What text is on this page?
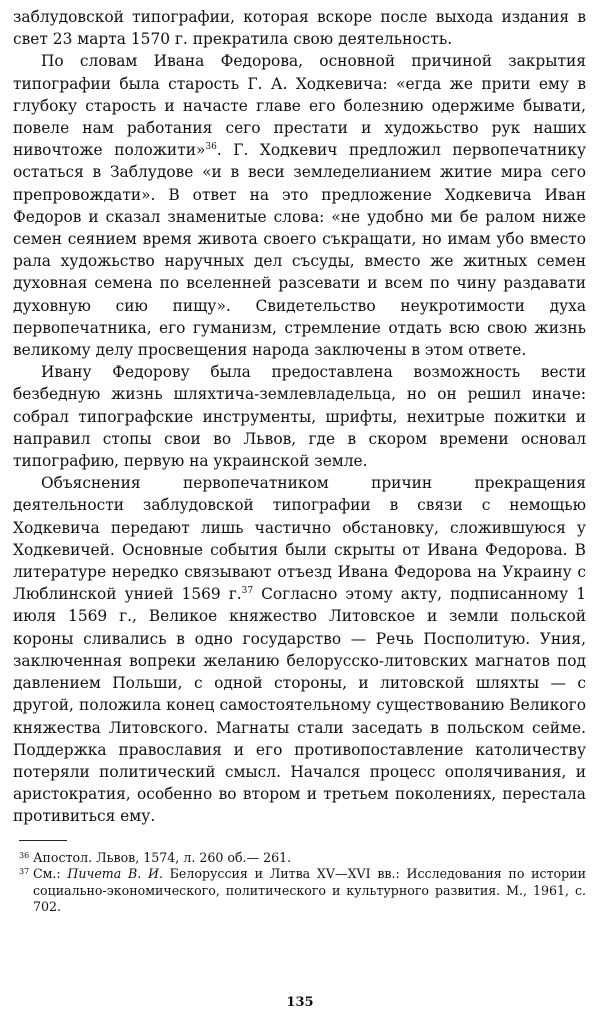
заблудовской типографии, которая вскоре после выхода издания в свет 23 марта 1570 г. прекратила свою деятельность.

По словам Ивана Федорова, основной причиной закрытия типографии была старость Г. А. Ходкевича: «егда же прити ему в глубоку старость и начасте главе его болезнию одержиме бывати, повеле нам работания сего престати и художьство рук наших нивочтоже положити»$^{36}$. Г. Ходкевич предложил первопечатнику остаться в Заблудове «и в веси земледелианием житие мира сего препровождати». В ответ на это предложение Ходкевича Иван Федоров и сказал знаменитые слова: «не удобно ми бе ралом ниже семен сеянием время живота своего съкращати, но имам убо вместо рала художьство наручных дел съсуды, вместо же житных семен духовная семена по вселенней разсевати и всем по чину раздавати духовную сию пищу». Свидетельство неукротимости духа первопечатника, его гуманизм, стремление отдать всю свою жизнь великому делу просвещения народа заключены в этом ответе.

Ивану Федорову была предоставлена возможность вести безбедную жизнь шляхтича-землевладельца, но он решил иначе: собрал типографские инструменты, шрифты, нехитрые пожитки и направил стопы свои во Львов, где в скором времени основал типографию, первую на украинской земле.

Объяснения первопечатником причин прекращения деятельности заблудовской типографии в связи с немощью Ходкевича передают лишь частично обстановку, сложившуюся у Ходкевичей. Основные события были скрыты от Ивана Федорова. В литературе нередко связывают отъезд Ивана Федорова на Украину с Люблинской унией 1569 г.$^{37}$ Согласно этому акту, подписанному 1 июля 1569 г., Великое княжество Литовское и земли польской короны сливались в одно государство — Речь Посполитую. Уния, заключенная вопреки желанию белорусско-литовских магнатов под давлением Польши, с одной стороны, и литовской шляхты — с другой, положила конец самостоятельному существованию Великого княжества Литовского. Магнаты стали заседать в польском сейме. Поддержка православия и его противопоставление католичеству потеряли политический смысл. Начался процесс ополячивания, и аристократия, особенно во втором и третьем поколениях, перестала противиться ему.

36 Апостол. Львов, 1574, л. 260 об.— 261.
37 См.: Пичета В. И. Белоруссия и Литва XV—XVI вв.: Исследования по истории социально-экономического, политического и культурного развития. М., 1961, с. 702.
135
